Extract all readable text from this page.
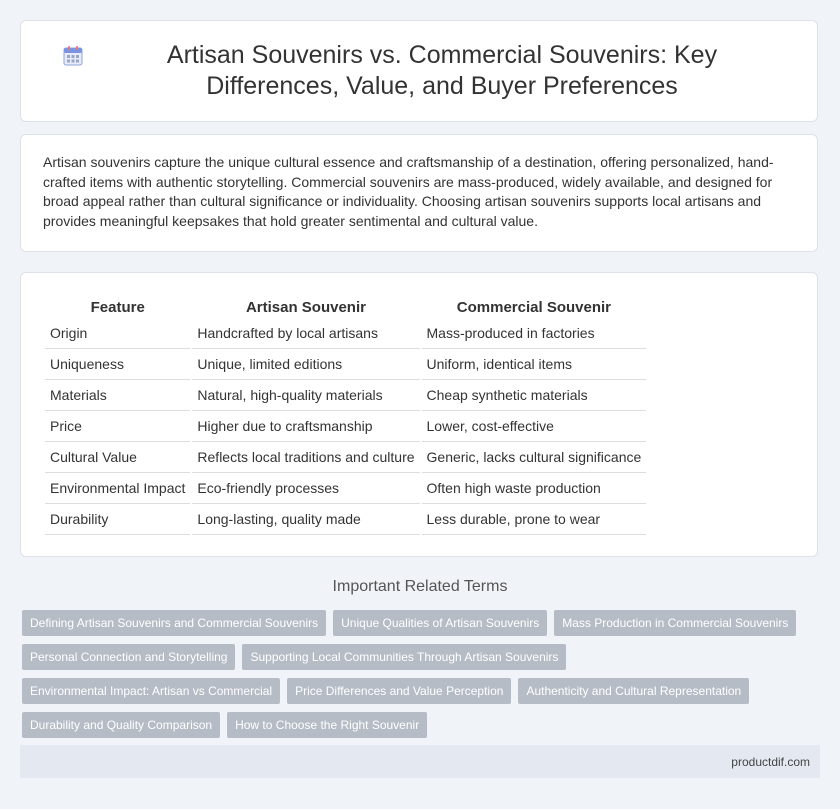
Artisan Souvenirs vs. Commercial Souvenirs: Key Differences, Value, and Buyer Preferences

Artisan souvenirs capture the unique cultural essence and craftsmanship of a destination, offering personalized, hand-crafted items with authentic storytelling. Commercial souvenirs are mass-produced, widely available, and designed for broad appeal rather than cultural significance or individuality. Choosing artisan souvenirs supports local artisans and provides meaningful keepsakes that hold greater sentimental and cultural value.

Feature	Artisan Souvenir	Commercial Souvenir
Origin	Handcrafted by local artisans	Mass-produced in factories
Uniqueness	Unique, limited editions	Uniform, identical items
Materials	Natural, high-quality materials	Cheap synthetic materials
Price	Higher due to craftsmanship	Lower, cost-effective
Cultural Value	Reflects local traditions and culture	Generic, lacks cultural significance
Environmental Impact	Eco-friendly processes	Often high waste production
Durability	Long-lasting, quality made	Less durable, prone to wear
Important Related Terms
Defining Artisan Souvenirs and Commercial Souvenirs	Unique Qualities of Artisan Souvenirs	Mass Production in Commercial Souvenirs
Personal Connection and Storytelling	Supporting Local Communities Through Artisan Souvenirs
Environmental Impact: Artisan vs Commercial	Price Differences and Value Perception	Authenticity and Cultural Representation
Durability and Quality Comparison	How to Choose the Right Souvenir
productdif.com
